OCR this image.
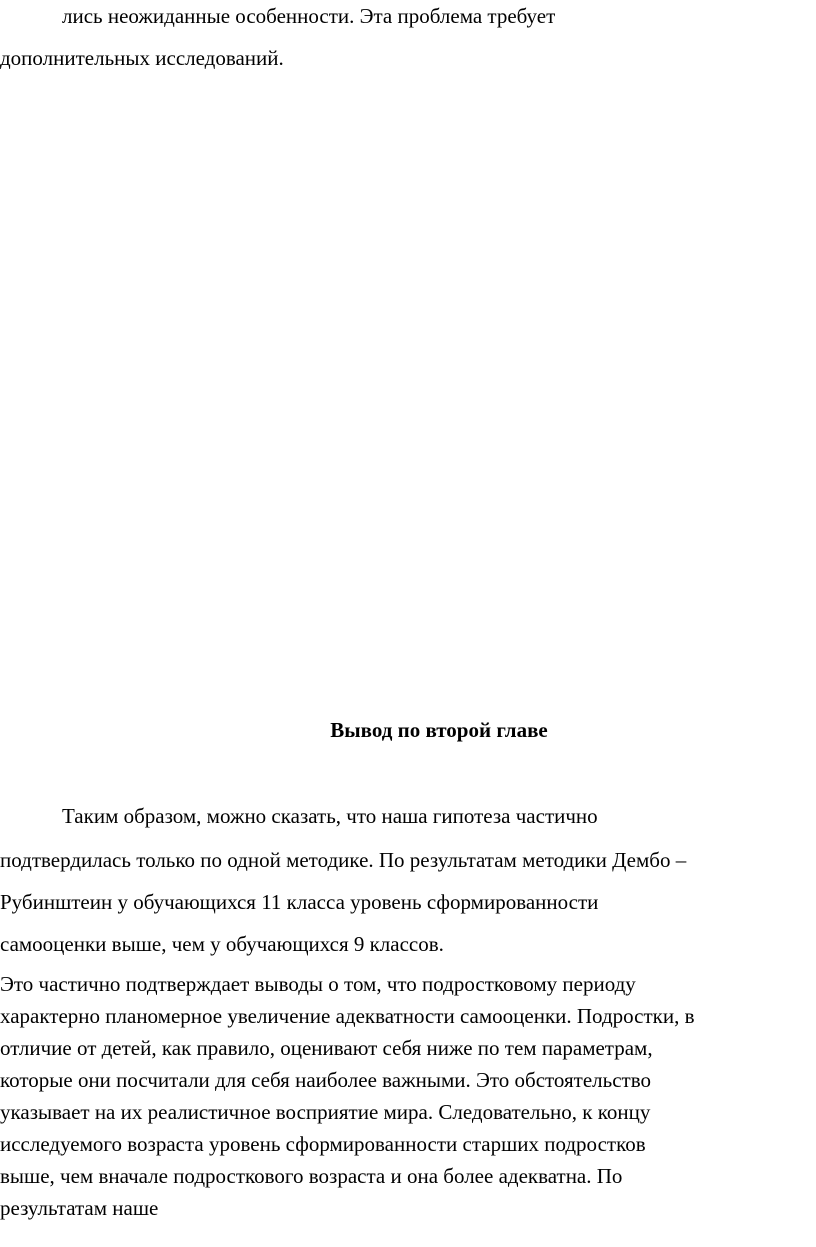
лись неожиданные особенности. Эта проблема требует
дополнительных исследований.
Вывод по второй главе
Таким образом, можно сказать, что наша гипотеза частично
подтвердилась только по одной методике. По результатам методики Дембо –
Рубинштеин у обучающихся 11 класса уровень сформированности
самооценки выше, чем у обучающихся 9 классов.
Это частично подтверждает выводы о том, что подростковому периоду
характерно планомерное увеличение адекватности самооценки. Подростки, в
отличие от детей, как правило, оценивают себя ниже по тем параметрам,
которые они посчитали для себя наиболее важными. Это обстоятельство
указывает на их реалистичное восприятие мира. Следовательно, к концу
исследуемого возраста уровень сформированности старших подростков
выше, чем вначале подросткового возраста и она более адекватна. По
результатам наше
